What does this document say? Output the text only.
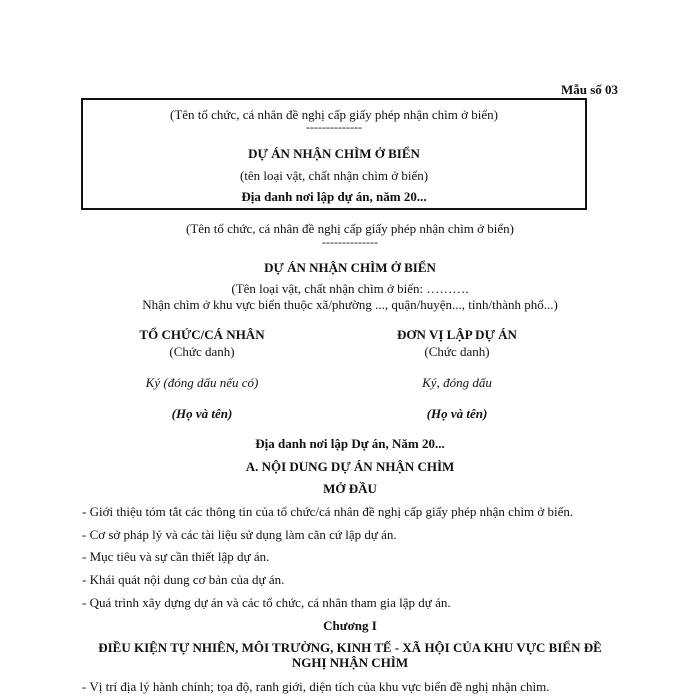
Mẫu số 03
(Tên tổ chức, cá nhân đề nghị cấp giấy phép nhận chìm ở biển)
--------------
DỰ ÁN NHẬN CHÌM Ở BIỂN
(tên loại vật, chất nhận chìm ở biển)
Địa danh nơi lập dự án, năm 20...
(Tên tổ chức, cá nhân đề nghị cấp giấy phép nhận chìm ở biển)
--------------
DỰ ÁN NHẬN CHÌM Ở BIỂN
(Tên loại vật, chất nhận chìm ở biển: ……….
Nhận chìm ở khu vực biển thuộc xã/phường ..., quận/huyện..., tỉnh/thành phố...)
TỔ CHỨC/CÁ NHÂN
(Chức danh)
Ký (đóng dấu nếu có)
(Họ và tên)
ĐƠN VỊ LẬP DỰ ÁN
(Chức danh)
Ký, đóng dấu
(Họ và tên)
Địa danh nơi lập Dự án, Năm 20...
A. NỘI DUNG DỰ ÁN NHẬN CHÌM
MỞ ĐẦU
- Giới thiệu tóm tắt các thông tin của tổ chức/cá nhân đề nghị cấp giấy phép nhận chìm ở biển.
- Cơ sở pháp lý và các tài liệu sử dụng làm căn cứ lập dự án.
- Mục tiêu và sự cần thiết lập dự án.
- Khái quát nội dung cơ bản của dự án.
- Quá trình xây dựng dự án và các tổ chức, cá nhân tham gia lập dự án.
Chương I
ĐIỀU KIỆN TỰ NHIÊN, MÔI TRƯỜNG, KINH TẾ - XÃ HỘI CỦA KHU VỰC BIỂN ĐỀ
NGHỊ NHẬN CHÌM
- Vị trí địa lý hành chính; tọa độ, ranh giới, diện tích của khu vực biển đề nghị nhận chìm.
